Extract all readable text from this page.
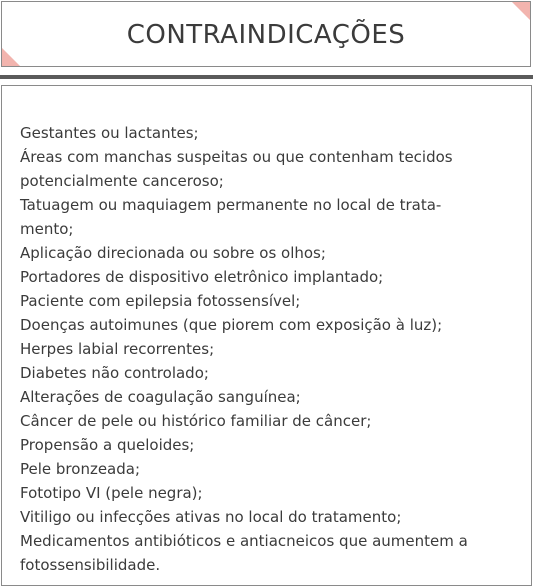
CONTRAINDICAÇÕES
Gestantes ou lactantes;
Áreas com manchas suspeitas ou que contenham tecidos
potencialmente canceroso;
Tatuagem ou maquiagem permanente no local de trata-
mento;
Aplicação direcionada ou sobre os olhos;
Portadores de dispositivo eletrônico implantado;
Paciente com epilepsia fotossensível;
Doenças autoimunes (que piorem com exposição à luz);
Herpes labial recorrentes;
Diabetes não controlado;
Alterações de coagulação sanguínea;
Câncer de pele ou histórico familiar de câncer;
Propensão a queloides;
Pele bronzeada;
Fototipo VI (pele negra);
Vitiligo ou infecções ativas no local do tratamento;
Medicamentos antibióticos e antiacneicos que aumentem a
fotossensibilidade.
